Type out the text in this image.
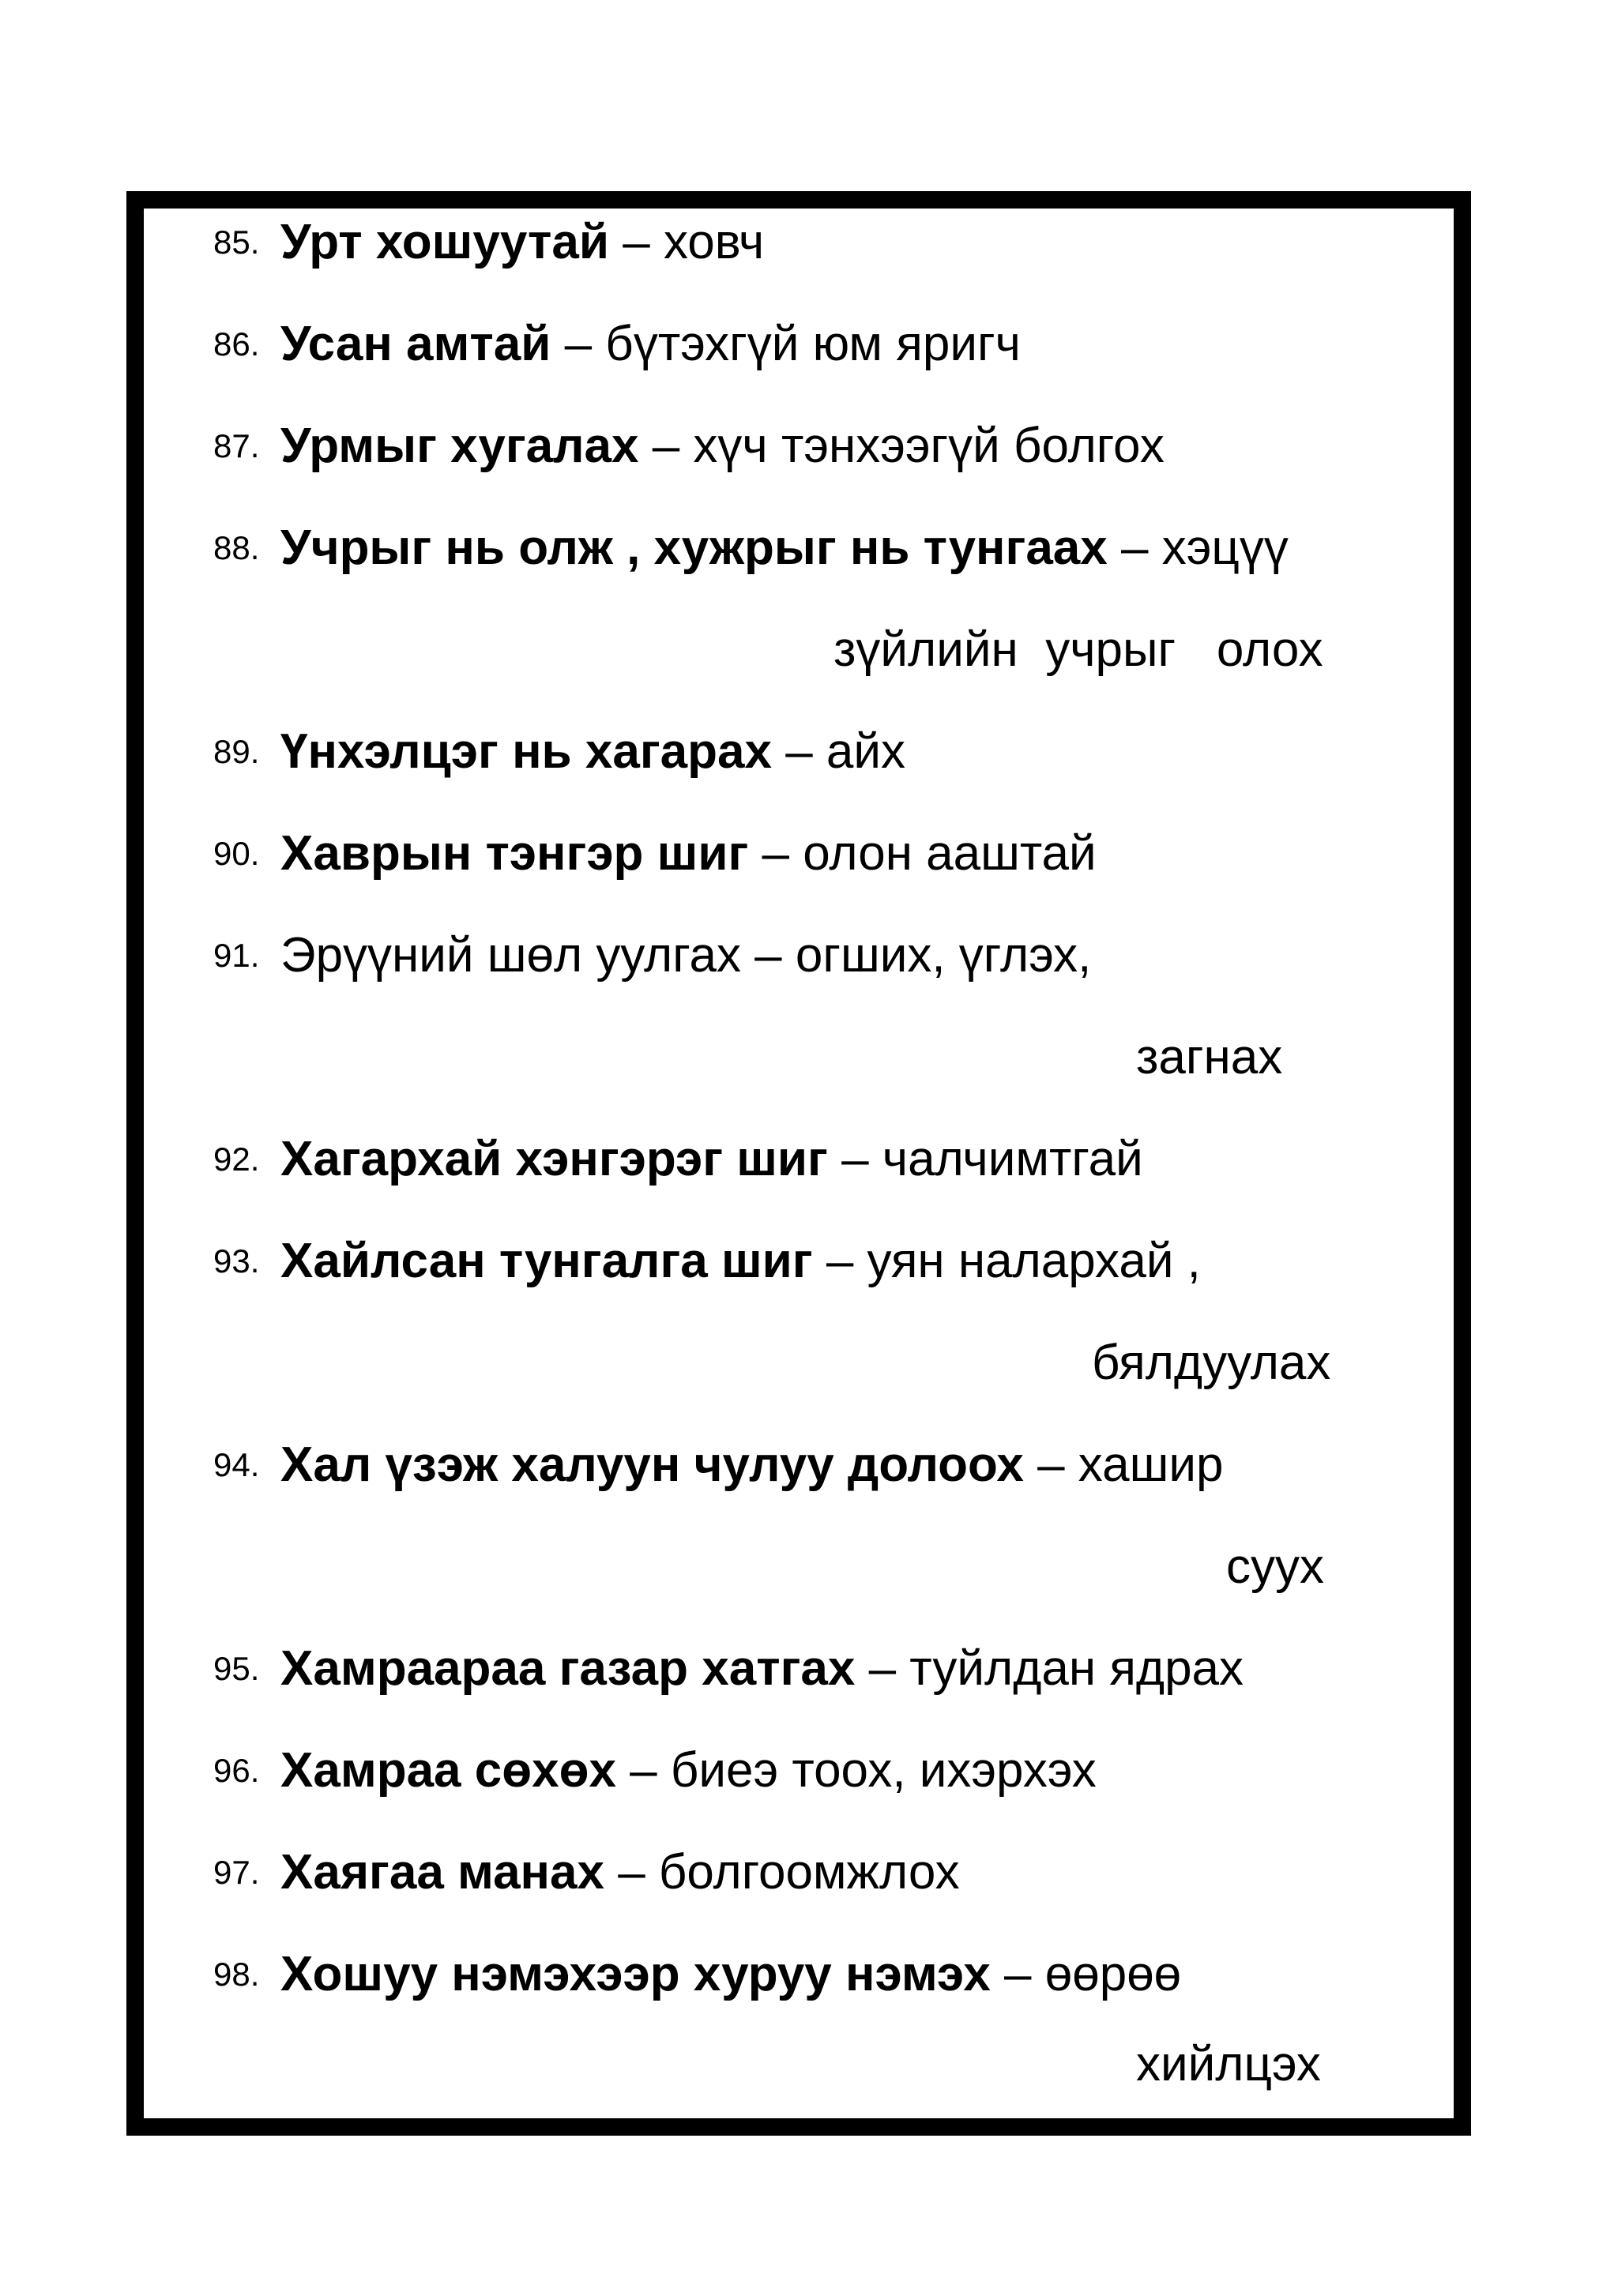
85. Урт хошуутай – ховч
86. Усан амтай – бүтэхгүй юм яригч
87. Урмыг хугалах – хүч тэнхээгүй болгох
88. Учрыг нь олж , хужрыг нь тунгаах – хэцүү
зүйлийн  учрыг   олох
89. Үнхэлцэг нь хагарах – айх
90. Хаврын тэнгэр шиг – олон ааштай
91. Эрүүний шөл уулгах – огших, үглэх,
загнах
92. Хагархай хэнгэрэг шиг – чалчимтгай
93. Хайлсан тунгалга шиг – уян налархай ,
бялдуулах
94. Хал үзэж халуун чулуу долоох – хашир
суух
95. Хамраараа газар хатгах – туйлдан ядрах
96. Хамраа сөхөх – биеэ тоох, ихэрхэх
97. Хаягаа манах – болгоомжлох
98. Хошуу нэмэхээр хуруу нэмэх – өөрөө
хийлцэх
